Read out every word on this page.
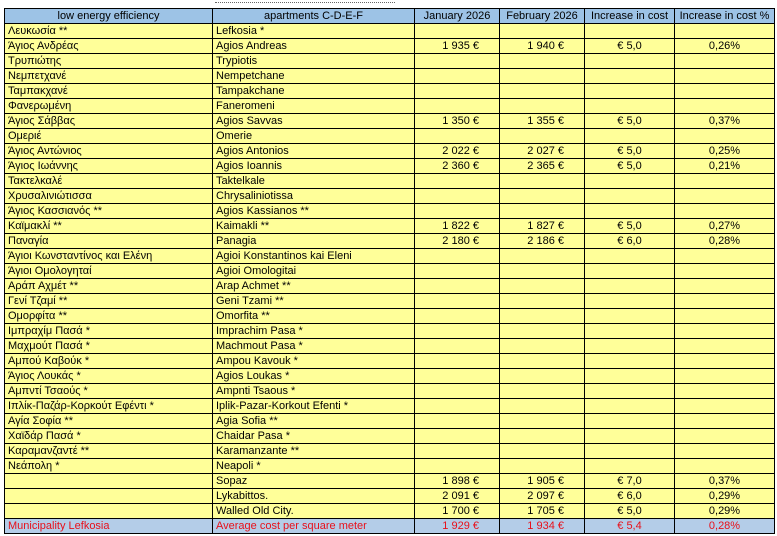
low energy efficiency	apartments C-D-E-F	January 2026	February 2026	Increase in cost	Increase in cost %
Λευκωσία **	Lefkosia *				
Άγιος Ανδρέας	Agios Andreas	1 935 €	1 940 €	€ 5,0	0,26%
Τρυπιώτης	Trypiotis				
Νεμπετχανέ	Nempetchane				
Ταμπακχανέ	Tampakchane				
Φανερωμένη	Faneromeni				
Άγιος Σάββας	Agios Savvas	1 350 €	1 355 €	€ 5,0	0,37%
Ομεριέ	Omerie				
Άγιος Αντώνιος	Agios Antonios	2 022 €	2 027 €	€ 5,0	0,25%
Άγιος Ιωάννης	Agios Ioannis	2 360 €	2 365 €	€ 5,0	0,21%
Τακτελκαλέ	Taktelkale				
Χρυσαλινιώτισσα	Chrysaliniotissa				
Άγιος Κασσιανός **	Agios Kassianos **				
Καϊμακλί **	Kaimakli **	1 822 €	1 827 €	€ 5,0	0,27%
Παναγία	Panagia	2 180 €	2 186 €	€ 6,0	0,28%
Άγιοι Κωνσταντίνος και Ελένη	Agioi Konstantinos kai Eleni				
Άγιοι Ομολογηταί	Agioi Omologitai				
Αράπ Αχμέτ **	Arap Achmet **				
Γενί Τζαμί **	Geni Tzami **				
Ομορφίτα **	Omorfita **				
Ιμπραχίμ Πασά *	Imprachim Pasa *				
Μαχμούτ Πασά *	Machmout Pasa *				
Αμπού Καβούκ *	Ampou Kavouk *				
Άγιος Λουκάς *	Agios Loukas *				
Αμπντί Τσαούς *	Ampnti Tsaous *				
Ιπλίκ-Παζάρ-Κορκούτ Εφέντι *	Iplik-Pazar-Korkout Efenti *				
Αγία Σοφία **	Agia Sofia **				
Χαϊδάρ Πασά *	Chaidar Pasa *				
Καραμανζαντέ **	Karamanzante **				
Νεάπολη *	Neapoli *				
	Sopaz	1 898 €	1 905 €	€ 7,0	0,37%
	Lykabittos.	2 091 €	2 097 €	€ 6,0	0,29%
	Walled Old City.	1 700 €	1 705 €	€ 5,0	0,29%
Municipality Lefkosia	Average cost per square meter	1 929 €	1 934 €	€ 5,4	0,28%
